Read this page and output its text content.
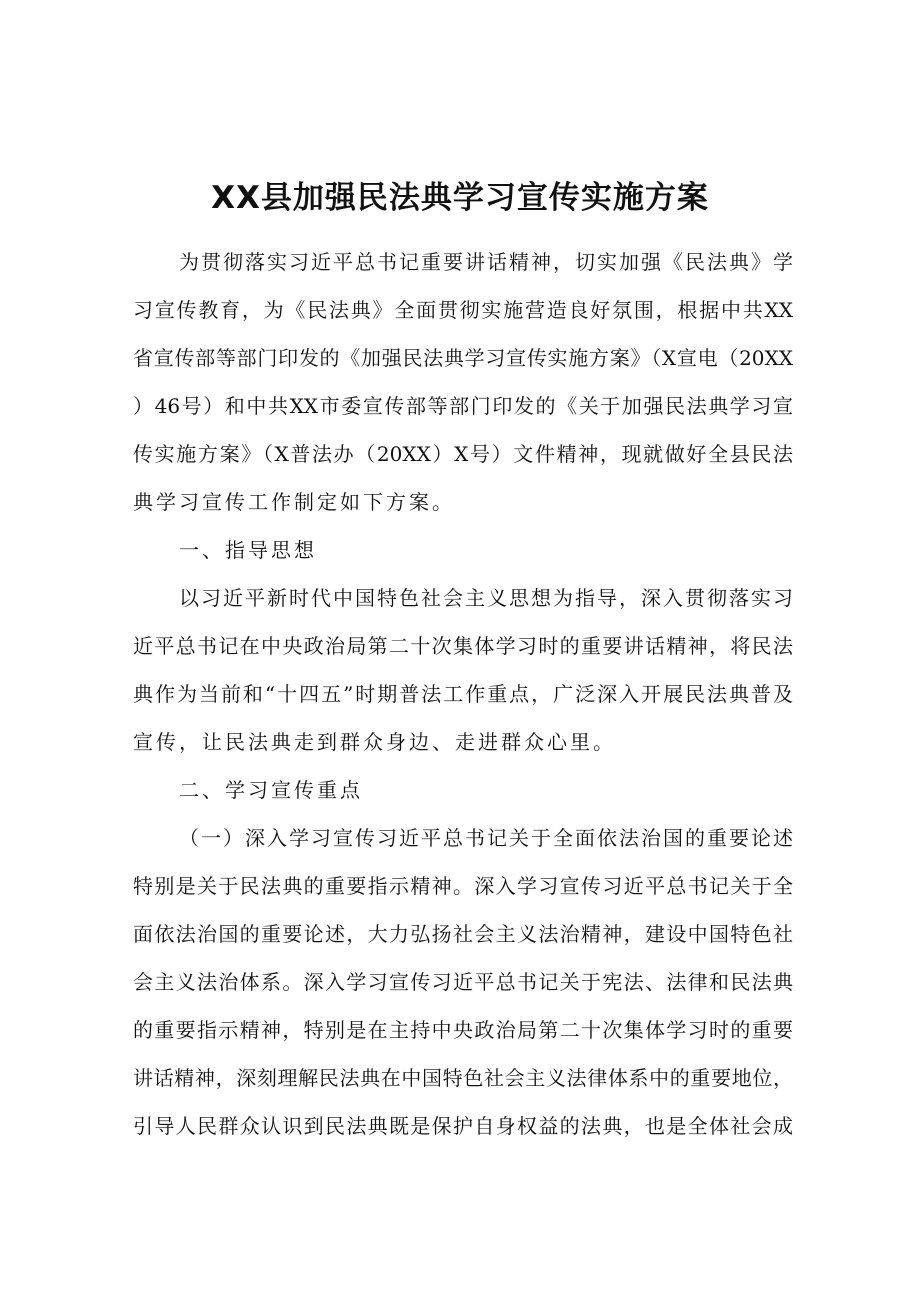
XX县加强民法典学习宣传实施方案
为贯彻落实习近平总书记重要讲话精神，切实加强《民法典》学
习宣传教育，为《民法典》全面贯彻实施营造良好氛围，根据中共XX
省宣传部等部门印发的《加强民法典学习宣传实施方案》（X宣电（20XX
）46号）和中共XX市委宣传部等部门印发的《关于加强民法典学习宣
传实施方案》（X普法办（20XX）X号）文件精神，现就做好全县民法
典学习宣传工作制定如下方案。
一、指导思想
以习近平新时代中国特色社会主义思想为指导，深入贯彻落实习
近平总书记在中央政治局第二十次集体学习时的重要讲话精神，将民法
典作为当前和“十四五”时期普法工作重点，广泛深入开展民法典普及
宣传，让民法典走到群众身边、走进群众心里。
二、学习宣传重点
（一）深入学习宣传习近平总书记关于全面依法治国的重要论述
特别是关于民法典的重要指示精神。深入学习宣传习近平总书记关于全
面依法治国的重要论述，大力弘扬社会主义法治精神，建设中国特色社
会主义法治体系。深入学习宣传习近平总书记关于宪法、法律和民法典
的重要指示精神，特别是在主持中央政治局第二十次集体学习时的重要
讲话精神，深刻理解民法典在中国特色社会主义法律体系中的重要地位，
引导人民群众认识到民法典既是保护自身权益的法典，也是全体社会成
